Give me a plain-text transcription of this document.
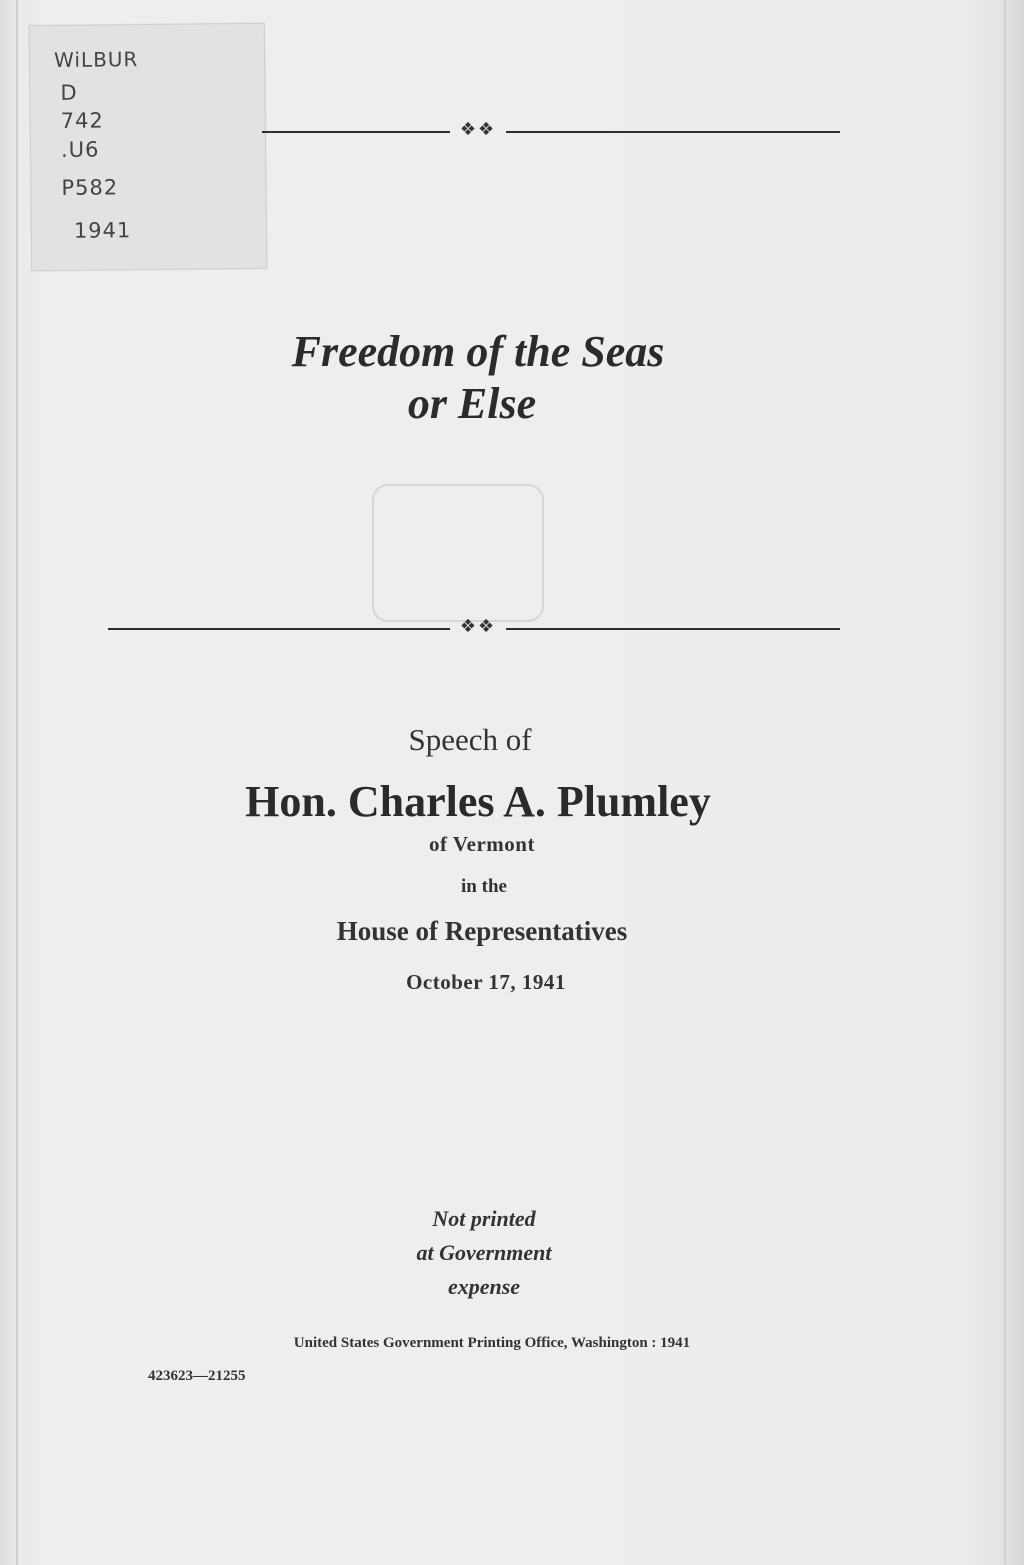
WiLBUR
D
742
.U6
P582
1941
❖❖
Freedom of the Seas
or Else
❖❖
Speech of
Hon. Charles A. Plumley
of Vermont
in the
House of Representatives
October 17, 1941
Not printed
at Government
expense
United States Government Printing Office, Washington : 1941
423623—21255
